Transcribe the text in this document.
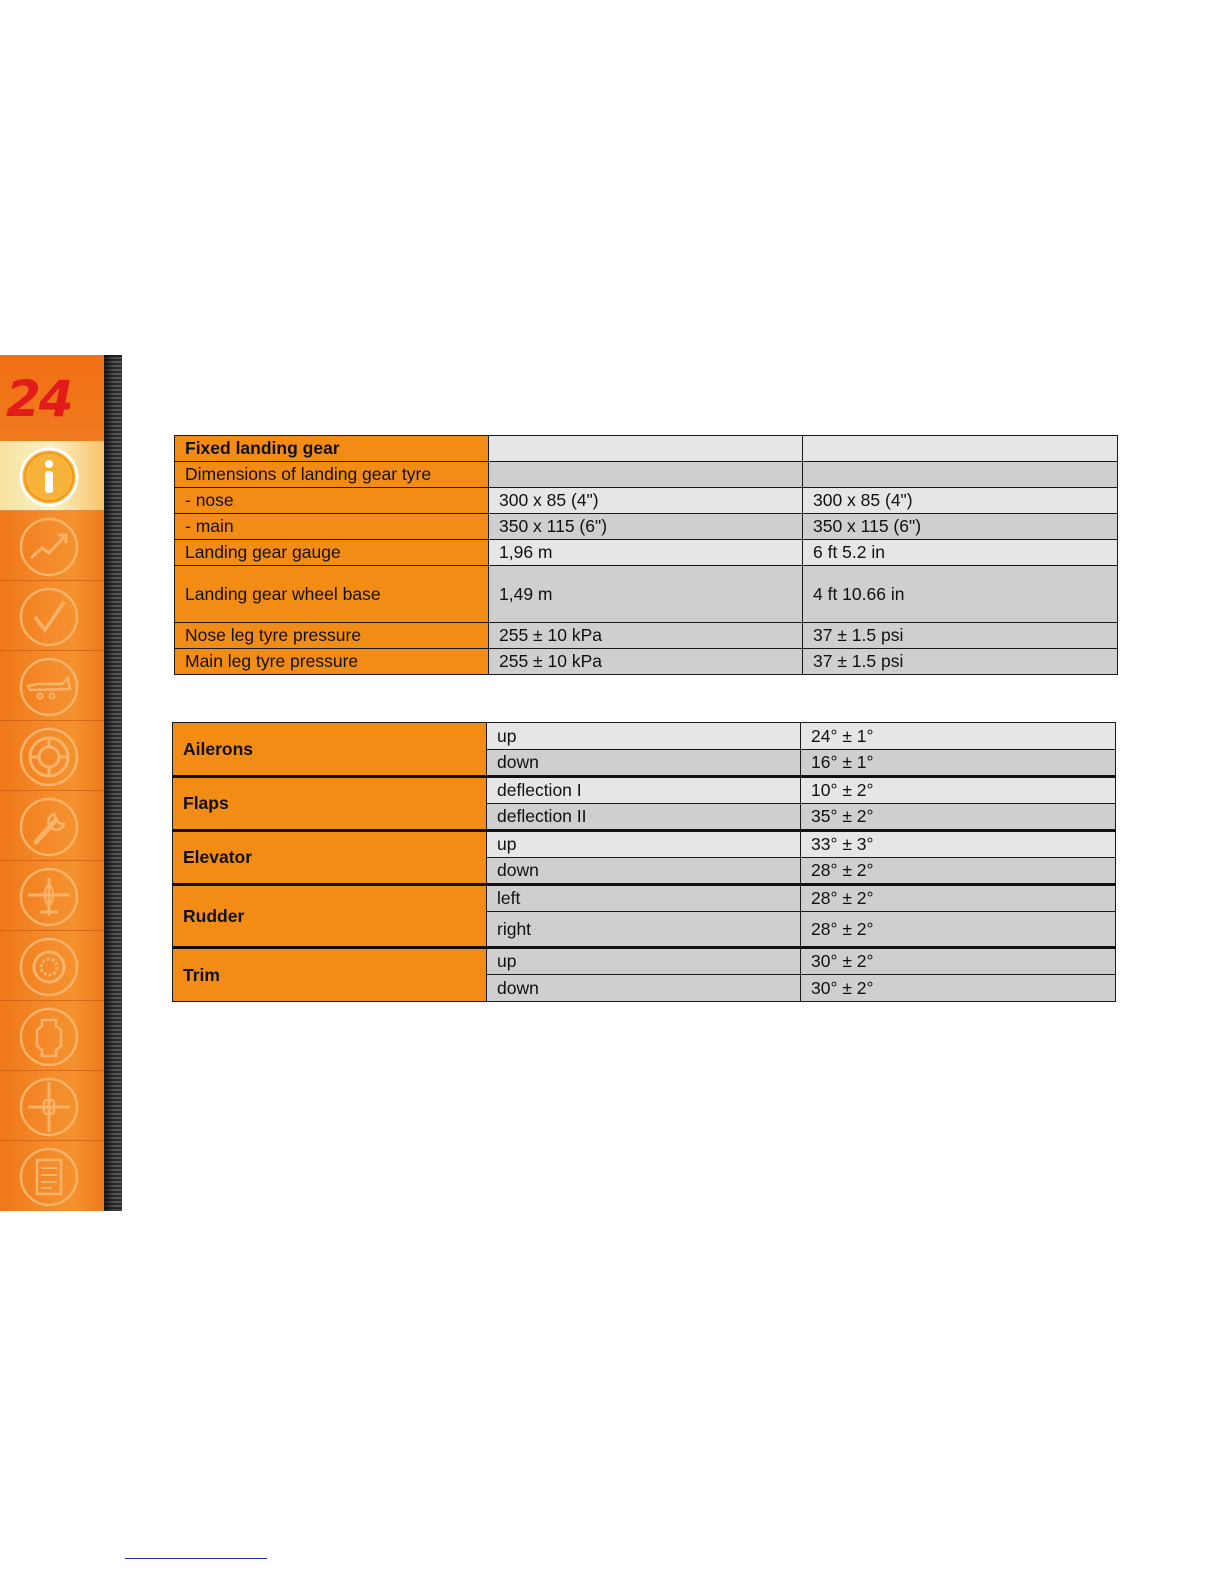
24
Fixed landing gear		
Dimensions of landing gear tyre		
- nose	300 x 85 (4")	300 x 85 (4")
- main	350 x 115 (6")	350 x 115 (6")
Landing gear gauge	1,96 m	6 ft 5.2 in
Landing gear wheel base	1,49 m	4 ft 10.66 in
Nose leg tyre pressure	255 ± 10 kPa	37 ± 1.5 psi
Main leg tyre pressure	255 ± 10 kPa	37 ± 1.5 psi
Ailerons	up	24° ± 1°
	down	16° ± 1°
Flaps	deflection I	10° ± 2°
	deflection II	35° ± 2°
Elevator	up	33° ± 3°
	down	28° ± 2°
Rudder	left	28° ± 2°
	right	28° ± 2°
Trim	up	30° ± 2°
	down	30° ± 2°
